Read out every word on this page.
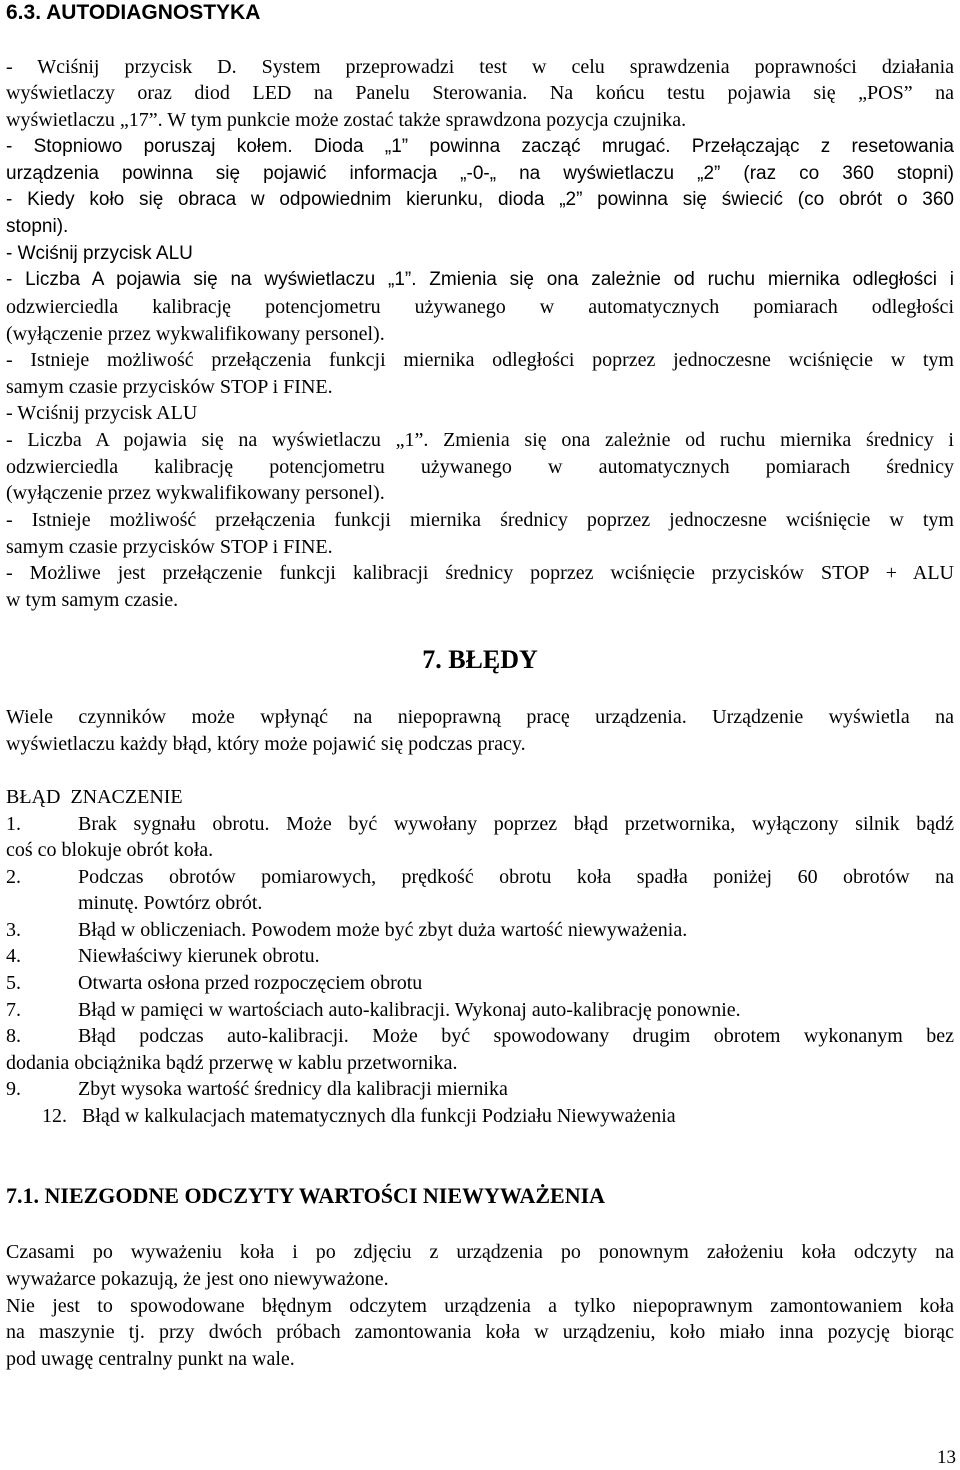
6.3. AUTODIAGNOSTYKA
- Wciśnij przycisk D. System przeprowadzi test w celu sprawdzenia poprawności działania
wyświetlaczy oraz diod LED na Panelu Sterowania. Na końcu testu pojawia się „POS” na
wyświetlaczu „17”. W tym punkcie może zostać także sprawdzona pozycja czujnika.
- Stopniowo poruszaj kołem. Dioda „1” powinna zacząć mrugać. Przełączając z resetowania
urządzenia powinna się pojawić informacja „-0-„ na wyświetlaczu „2” (raz co 360 stopni)
- Kiedy koło się obraca w odpowiednim kierunku, dioda „2” powinna się świecić (co obrót o 360
stopni).
- Wciśnij przycisk ALU
- Liczba A pojawia się na wyświetlaczu „1”. Zmienia się ona zależnie od ruchu miernika odległości i
odzwierciedla kalibrację potencjometru używanego w automatycznych pomiarach odległości
(wyłączenie przez wykwalifikowany personel).
- Istnieje możliwość przełączenia funkcji miernika odległości poprzez jednoczesne wciśnięcie w tym
samym czasie przycisków STOP i FINE.
- Wciśnij przycisk ALU
- Liczba A pojawia się na wyświetlaczu „1”. Zmienia się ona zależnie od ruchu miernika średnicy i
odzwierciedla kalibrację potencjometru używanego w automatycznych pomiarach średnicy
(wyłączenie przez wykwalifikowany personel).
- Istnieje możliwość przełączenia funkcji miernika średnicy poprzez jednoczesne wciśnięcie w tym
samym czasie przycisków STOP i FINE.
- Możliwe jest przełączenie funkcji kalibracji średnicy poprzez wciśnięcie przycisków STOP + ALU
w tym samym czasie.
7. BŁĘDY
Wiele czynników może wpłynąć na niepoprawną pracę urządzenia. Urządzenie wyświetla na
wyświetlaczu każdy błąd, który może pojawić się podczas pracy.
BŁĄD  ZNACZENIE
1.	Brak sygnału obrotu. Może być wywołany poprzez błąd przetwornika, wyłączony silnik bądź
coś co blokuje obrót koła.
2.	Podczas obrotów pomiarowych, prędkość obrotu koła spadła poniżej 60 obrotów na
minutę. Powtórz obrót.
3.	Błąd w obliczeniach. Powodem może być zbyt duża wartość niewyważenia.
4.	Niewłaściwy kierunek obrotu.
5.	Otwarta osłona przed rozpoczęciem obrotu
7.	Błąd w pamięci w wartościach auto-kalibracji. Wykonaj auto-kalibrację ponownie.
8.	Błąd podczas auto-kalibracji. Może być spowodowany drugim obrotem wykonanym bez
dodania obciążnika bądź przerwę w kablu przetwornika.
9.	Zbyt wysoka wartość średnicy dla kalibracji miernika
12. Błąd w kalkulacjach matematycznych dla funkcji Podziału Niewyważenia
7.1. NIEZGODNE ODCZYTY WARTOŚCI NIEWYWAŻENIA
Czasami po wyważeniu koła i po zdjęciu z urządzenia po ponownym założeniu koła odczyty na
wyważarce pokazują, że jest ono niewyważone.
Nie jest to spowodowane błędnym odczytem urządzenia a tylko niepoprawnym zamontowaniem koła
na maszynie tj. przy dwóch próbach zamontowania koła w urządzeniu, koło miało inna pozycję biorąc
pod uwagę centralny punkt na wale.
13
